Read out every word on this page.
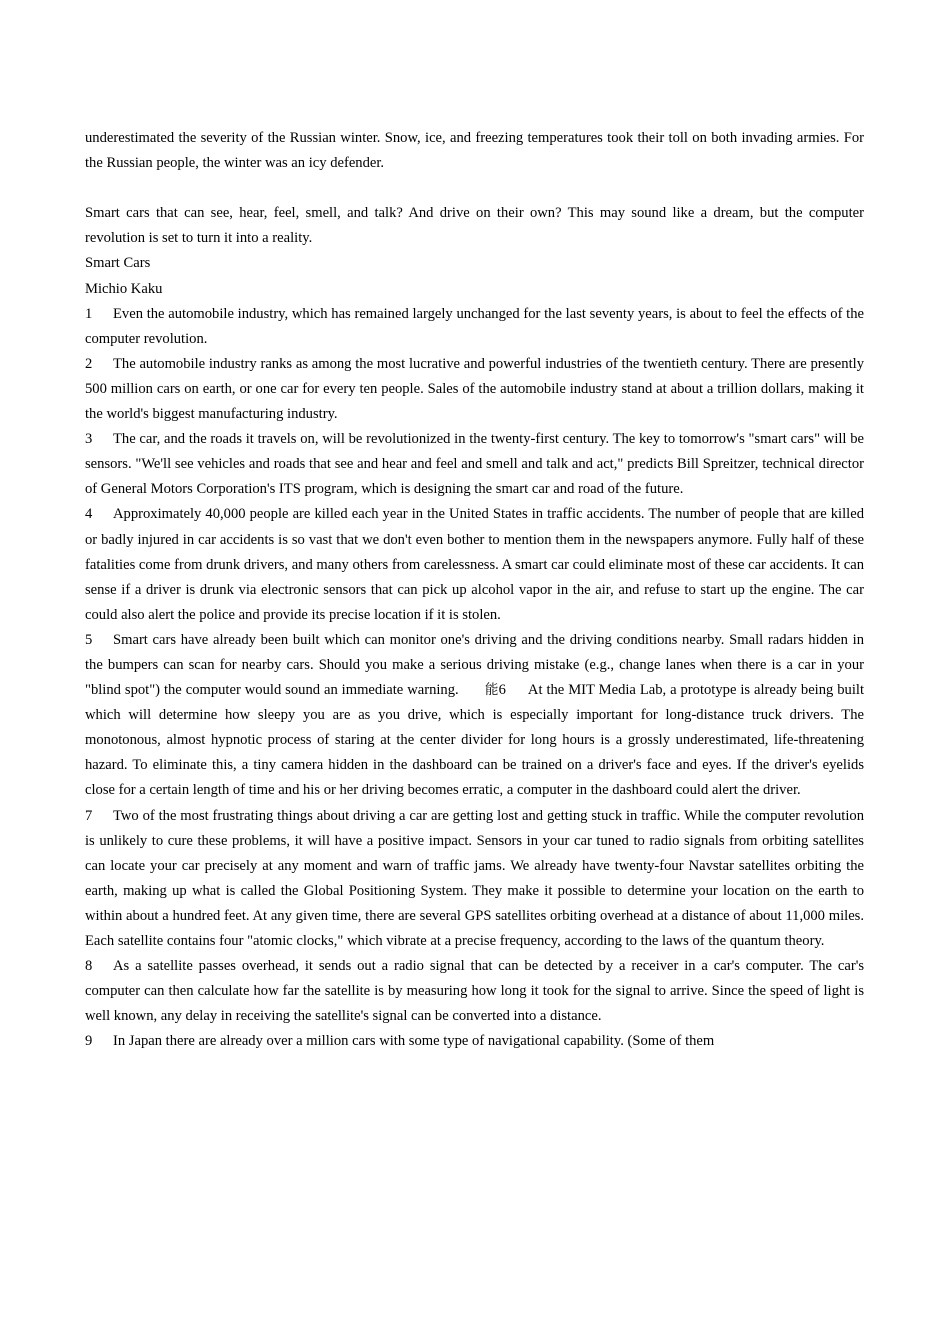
underestimated the severity of the Russian winter. Snow, ice, and freezing temperatures took their toll on both invading armies. For the Russian people, the winter was an icy defender.

Smart cars that can see, hear, feel, smell, and talk? And drive on their own? This may sound like a dream, but the computer revolution is set to turn it into a reality.

Smart Cars

Michio Kaku

1 Even the automobile industry, which has remained largely unchanged for the last seventy years, is about to feel the effects of the computer revolution.

2 The automobile industry ranks as among the most lucrative and powerful industries of the twentieth century. There are presently 500 million cars on earth, or one car for every ten people. Sales of the automobile industry stand at about a trillion dollars, making it the world's biggest manufacturing industry.

3 The car, and the roads it travels on, will be revolutionized in the twenty-first century. The key to tomorrow's "smart cars" will be sensors. "We'll see vehicles and roads that see and hear and feel and smell and talk and act," predicts Bill Spreitzer, technical director of General Motors Corporation's ITS program, which is designing the smart car and road of the future.

4 Approximately 40,000 people are killed each year in the United States in traffic accidents. The number of people that are killed or badly injured in car accidents is so vast that we don't even bother to mention them in the newspapers anymore. Fully half of these fatalities come from drunk drivers, and many others from carelessness. A smart car could eliminate most of these car accidents. It can sense if a driver is drunk via electronic sensors that can pick up alcohol vapor in the air, and refuse to start up the engine. The car could also alert the police and provide its precise location if it is stolen.

5 Smart cars have already been built which can monitor one's driving and the driving conditions nearby. Small radars hidden in the bumpers can scan for nearby cars. Should you make a serious driving mistake (e.g., change lanes when there is a car in your "blind spot") the computer would sound an immediate warning. 能6 At the MIT Media Lab, a prototype is already being built which will determine how sleepy you are as you drive, which is especially important for long-distance truck drivers. The monotonous, almost hypnotic process of staring at the center divider for long hours is a grossly underestimated, life-threatening hazard. To eliminate this, a tiny camera hidden in the dashboard can be trained on a driver's face and eyes. If the driver's eyelids close for a certain length of time and his or her driving becomes erratic, a computer in the dashboard could alert the driver.

7 Two of the most frustrating things about driving a car are getting lost and getting stuck in traffic. While the computer revolution is unlikely to cure these problems, it will have a positive impact. Sensors in your car tuned to radio signals from orbiting satellites can locate your car precisely at any moment and warn of traffic jams. We already have twenty-four Navstar satellites orbiting the earth, making up what is called the Global Positioning System. They make it possible to determine your location on the earth to within about a hundred feet. At any given time, there are several GPS satellites orbiting overhead at a distance of about 11,000 miles. Each satellite contains four "atomic clocks," which vibrate at a precise frequency, according to the laws of the quantum theory.

8 As a satellite passes overhead, it sends out a radio signal that can be detected by a receiver in a car's computer. The car's computer can then calculate how far the satellite is by measuring how long it took for the signal to arrive. Since the speed of light is well known, any delay in receiving the satellite's signal can be converted into a distance.

9 In Japan there are already over a million cars with some type of navigational capability. (Some of them
